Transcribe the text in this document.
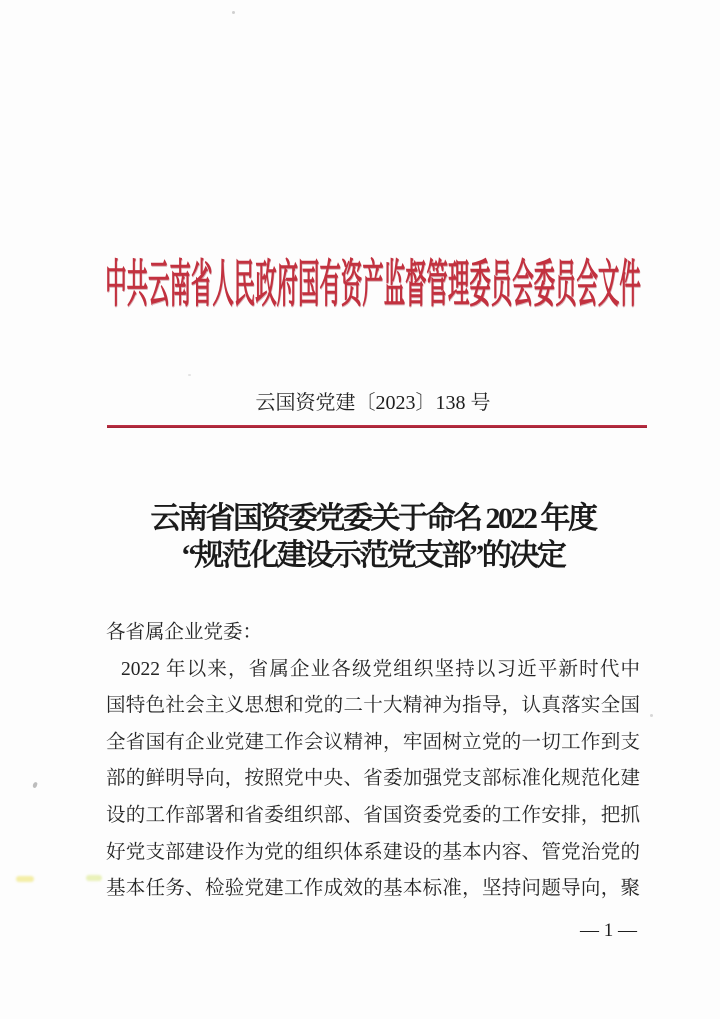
中共云南省人民政府国有资产监督管理委员会委员会文件
云国资党建〔2023〕138 号
云南省国资委党委关于命名 2022 年度
“规范化建设示范党支部”的决定
各省属企业党委：
2022 年以来，省属企业各级党组织坚持以习近平新时代中
国特色社会主义思想和党的二十大精神为指导，认真落实全国
全省国有企业党建工作会议精神，牢固树立党的一切工作到支
部的鲜明导向，按照党中央、省委加强党支部标准化规范化建
设的工作部署和省委组织部、省国资委党委的工作安排，把抓
好党支部建设作为党的组织体系建设的基本内容、管党治党的
基本任务、检验党建工作成效的基本标准，坚持问题导向，聚
— 1 —
